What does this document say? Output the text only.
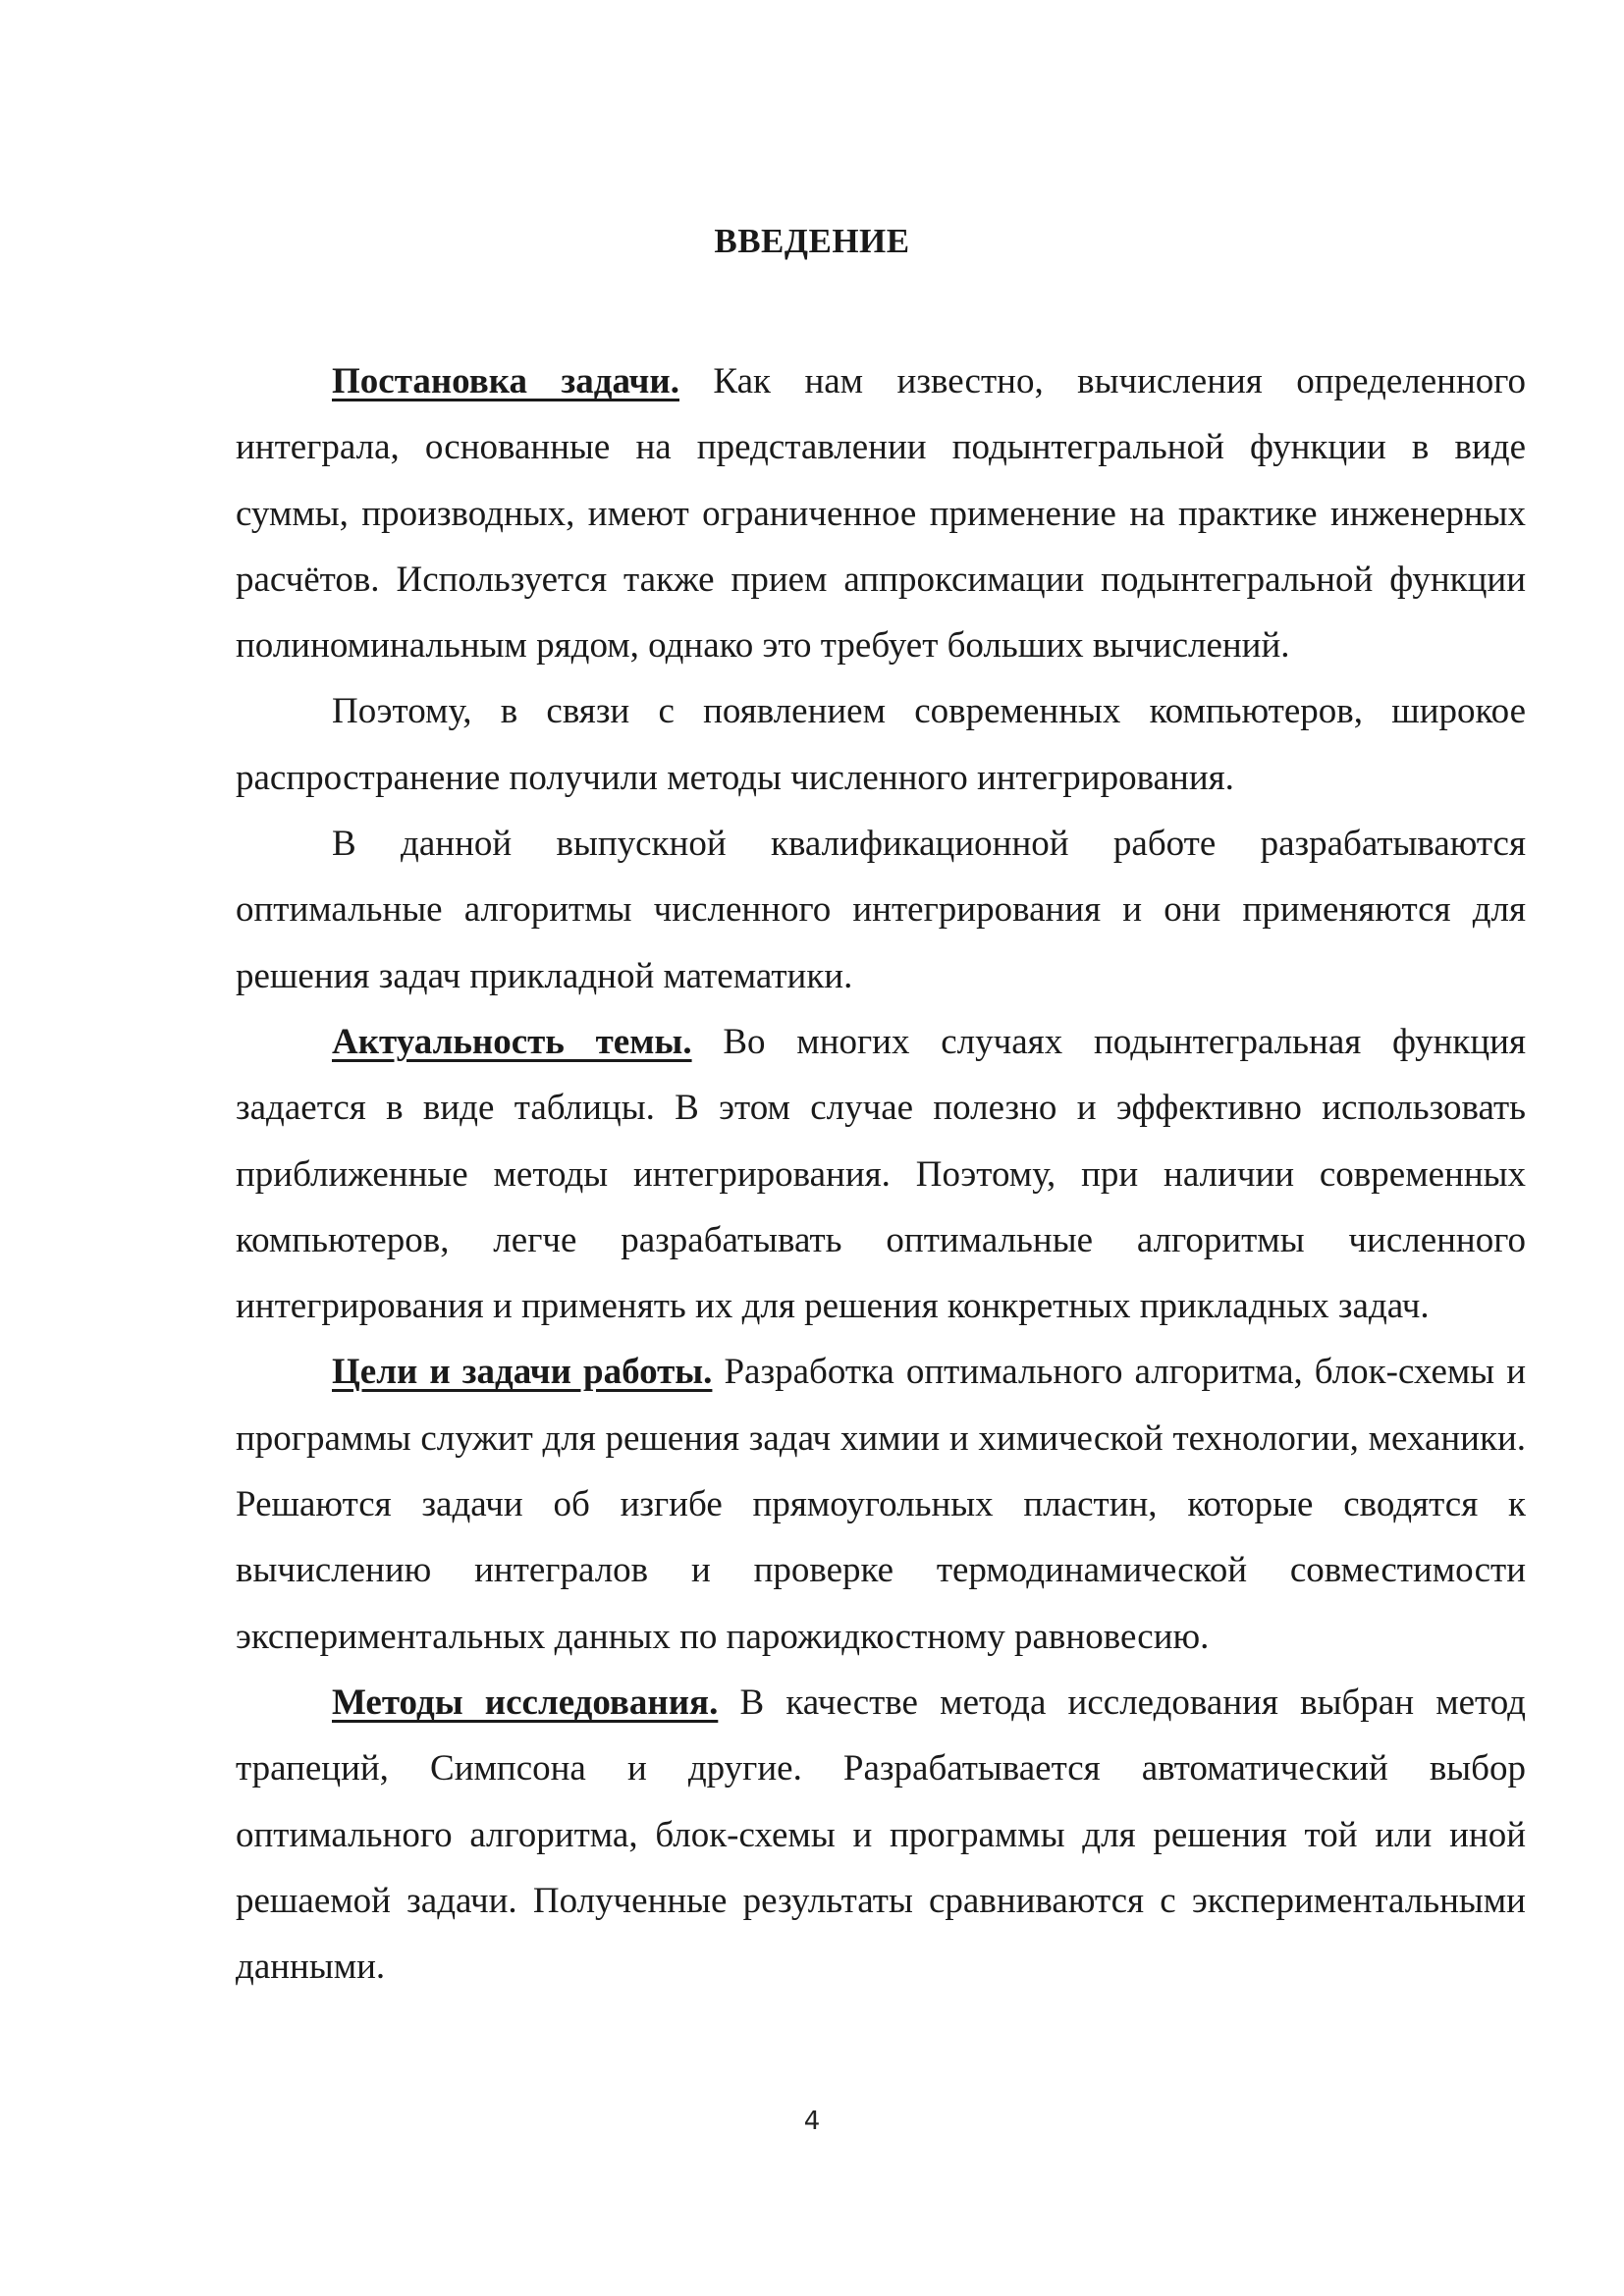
ВВЕДЕНИЕ

Постановка задачи. Как нам известно, вычисления определенного интеграла, основанные на представлении подынтегральной функции в виде суммы, производных, имеют ограниченное применение на практике инженерных расчётов. Используется также прием аппроксимации подынтегральной функции полиноминальным рядом, однако это требует больших вычислений.

Поэтому, в связи с появлением современных компьютеров, широкое распространение получили методы численного интегрирования.

В данной выпускной квалификационной работе разрабатываются оптимальные алгоритмы численного интегрирования и они применяются для решения задач прикладной математики.

Актуальность темы. Во многих случаях подынтегральная функция задается в виде таблицы. В этом случае полезно и эффективно использовать приближенные методы интегрирования. Поэтому, при наличии современных компьютеров, легче разрабатывать оптимальные алгоритмы численного интегрирования и применять их для решения конкретных прикладных задач.

Цели и задачи работы. Разработка оптимального алгоритма, блок-схемы и программы служит для решения задач химии и химической технологии, механики. Решаются задачи об изгибе прямоугольных пластин, которые сводятся к вычислению интегралов и проверке термодинамической совместимости экспериментальных данных по парожидкостному равновесию.

Методы исследования. В качестве метода исследования выбран метод трапеций, Симпсона и другие. Разрабатывается автоматический выбор оптимального алгоритма, блок-схемы и программы для решения той или иной решаемой задачи. Полученные результаты сравниваются с экспериментальными данными.

4
